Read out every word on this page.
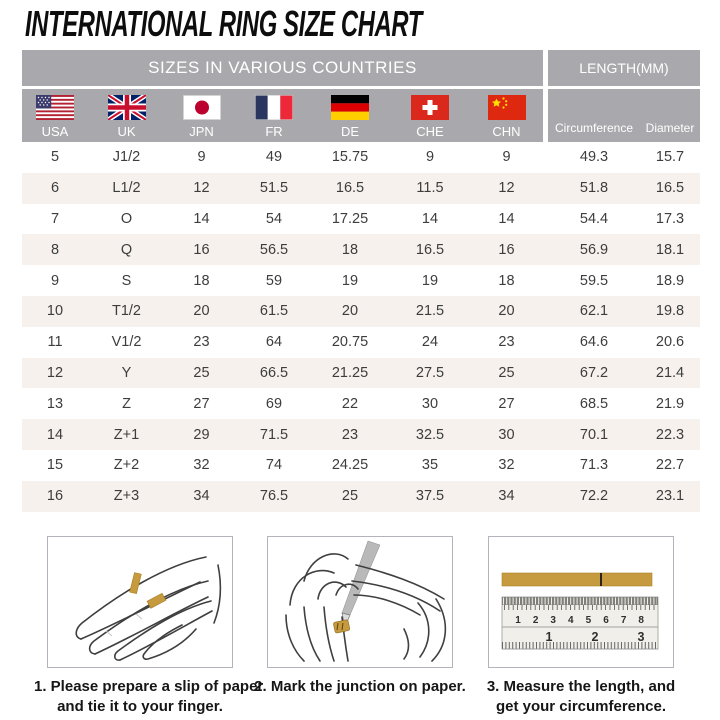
INTERNATIONAL RING SIZE CHART
SIZES IN VARIOUS COUNTRIES	LENGTH(MM)
USA	UK	JPN	FR	DE	CHE	CHN	Circumference Diameter
5	J1/2	9	49	15.75	9	9	49.3	15.7
6	L1/2	12	51.5	16.5	11.5	12	51.8	16.5
7	O	14	54	17.25	14	14	54.4	17.3
8	Q	16	56.5	18	16.5	16	56.9	18.1
9	S	18	59	19	19	18	59.5	18.9
10	T1/2	20	61.5	20	21.5	20	62.1	19.8
11	V1/2	23	64	20.75	24	23	64.6	20.6
12	Y	25	66.5	21.25	27.5	25	67.2	21.4
13	Z	27	69	22	30	27	68.5	21.9
14	Z+1	29	71.5	23	32.5	30	70.1	22.3
15	Z+2	32	74	24.25	35	32	71.3	22.7
16	Z+3	34	76.5	25	37.5	34	72.2	23.1
1. Please prepare a slip of paper
and tie it to your finger.
2. Mark the junction on paper.
1 2 3 4 5 6 7 8
1	2	3
3. Measure the length, and
get your circumference.
